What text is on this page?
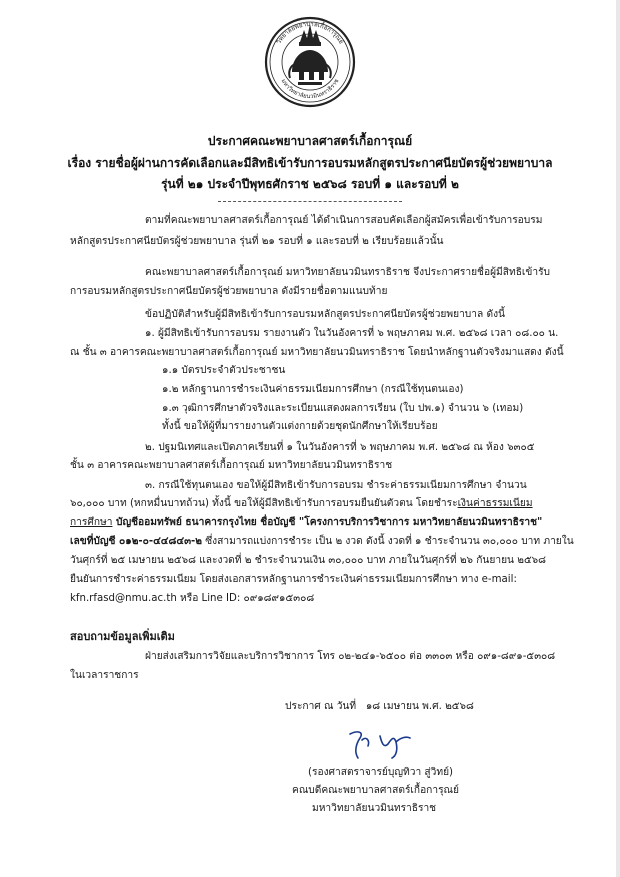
วิทยาลัยพยาบาลเกื้อการุณย์
มหาวิทยาลัยนวมินทราธิราช
ประกาศคณะพยาบาลศาสตร์เกื้อการุณย์
เรื่อง รายชื่อผู้ผ่านการคัดเลือกและมีสิทธิเข้ารับการอบรมหลักสูตรประกาศนียบัตรผู้ช่วยพยาบาล
รุ่นที่ ๒๑ ประจำปีพุทธศักราช ๒๕๖๘ รอบที่ ๑ และรอบที่ ๒
ตามที่คณะพยาบาลศาสตร์เกื้อการุณย์ ได้ดำเนินการสอบคัดเลือกผู้สมัครเพื่อเข้ารับการอบรม
หลักสูตรประกาศนียบัตรผู้ช่วยพยาบาล รุ่นที่ ๒๑ รอบที่ ๑ และรอบที่ ๒ เรียบร้อยแล้วนั้น
คณะพยาบาลศาสตร์เกื้อการุณย์ มหาวิทยาลัยนวมินทราธิราช จึงประกาศรายชื่อผู้มีสิทธิเข้ารับ
การอบรมหลักสูตรประกาศนียบัตรผู้ช่วยพยาบาล ดังมีรายชื่อตามแนบท้าย
ข้อปฏิบัติสำหรับผู้มีสิทธิเข้ารับการอบรมหลักสูตรประกาศนียบัตรผู้ช่วยพยาบาล ดังนี้
๑. ผู้มีสิทธิเข้ารับการอบรม รายงานตัว ในวันอังคารที่ ๖ พฤษภาคม พ.ศ. ๒๕๖๘ เวลา ๐๘.๐๐ น.
ณ ชั้น ๓ อาคารคณะพยาบาลศาสตร์เกื้อการุณย์ มหาวิทยาลัยนวมินทราธิราช โดยนำหลักฐานตัวจริงมาแสดง ดังนี้
๑.๑ บัตรประจำตัวประชาชน
๑.๒ หลักฐานการชำระเงินค่าธรรมเนียมการศึกษา (กรณีใช้ทุนตนเอง)
๑.๓ วุฒิการศึกษาตัวจริงและระเบียนแสดงผลการเรียน (ใบ ปพ.๑) จำนวน ๖ (เทอม)
ทั้งนี้ ขอให้ผู้ที่มารายงานตัวแต่งกายด้วยชุดนักศึกษาให้เรียบร้อย
๒. ปฐมนิเทศและเปิดภาคเรียนที่ ๑ ในวันอังคารที่ ๖ พฤษภาคม พ.ศ. ๒๕๖๘ ณ ห้อง ๖๓๐๕
ชั้น ๓ อาคารคณะพยาบาลศาสตร์เกื้อการุณย์ มหาวิทยาลัยนวมินทราธิราช
๓. กรณีใช้ทุนตนเอง ขอให้ผู้มีสิทธิเข้ารับการอบรม ชำระค่าธรรมเนียมการศึกษา จำนวน
๖๐,๐๐๐ บาท (หกหมื่นบาทถ้วน) ทั้งนี้ ขอให้ผู้มีสิทธิเข้ารับการอบรมยืนยันตัวตน โดยชำระเงินค่าธรรมเนียม
การศึกษา บัญชีออมทรัพย์ ธนาคารกรุงไทย ชื่อบัญชี "โครงการบริการวิชาการ มหาวิทยาลัยนวมินทราธิราช"
เลขที่บัญชี ๐๑๒-๐-๔๔๘๔๓-๒ ซึ่งสามารถแบ่งการชำระ เป็น ๒ งวด ดังนี้ งวดที่ ๑ ชำระจำนวน ๓๐,๐๐๐ บาท ภายใน
วันศุกร์ที่ ๒๕ เมษายน ๒๕๖๘ และงวดที่ ๒ ชำระจำนวนเงิน ๓๐,๐๐๐ บาท ภายในวันศุกร์ที่ ๒๖ กันยายน ๒๕๖๘
ยืนยันการชำระค่าธรรมเนียม โดยส่งเอกสารหลักฐานการชำระเงินค่าธรรมเนียมการศึกษา ทาง e-mail:
kfn.rfasd@nmu.ac.th หรือ Line ID: ๐๙๑๘๙๑๕๓๐๘
สอบถามข้อมูลเพิ่มเติม
ฝ่ายส่งเสริมการวิจัยและบริการวิชาการ โทร ๐๒-๒๔๑-๖๕๐๐ ต่อ ๓๓๐๓ หรือ ๐๙๑-๘๙๑-๕๓๐๘
ในเวลาราชการ
ประกาศ ณ วันที่ ๑๘ เมษายน พ.ศ. ๒๕๖๘
(รองศาสตราจารย์บุญทิวา สู่วิทย์)
คณบดีคณะพยาบาลศาสตร์เกื้อการุณย์
มหาวิทยาลัยนวมินทราธิราช
